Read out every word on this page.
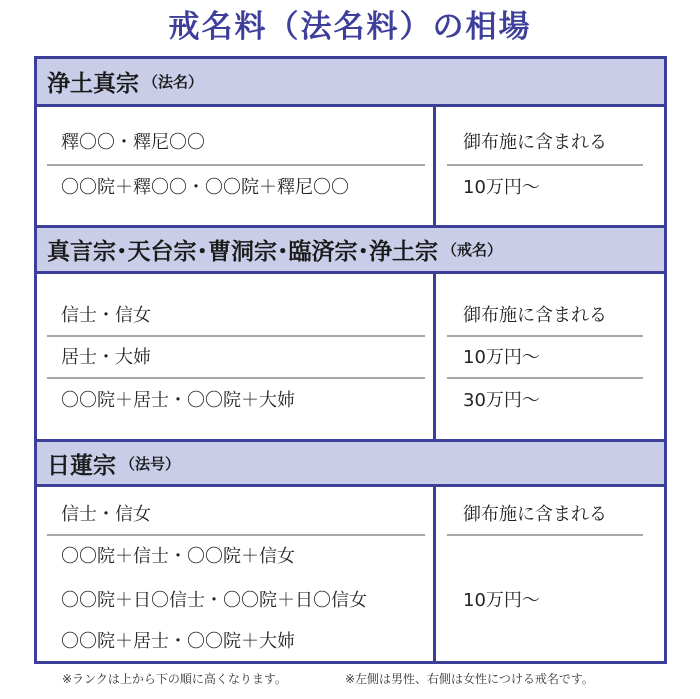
戒名料（法名料）の相場
浄土真宗 （法名）
釋〇〇・釋尼〇〇	御布施に含まれる
〇〇院＋釋〇〇・〇〇院＋釋尼〇〇	10万円～
真言宗･天台宗･曹洞宗･臨済宗･浄土宗 （戒名）
信士・信女	御布施に含まれる
居士・大姉	10万円～
〇〇院＋居士・〇〇院＋大姉	30万円～
日蓮宗 （法号）
信士・信女	御布施に含まれる
〇〇院＋信士・〇〇院＋信女
〇〇院＋日〇信士・〇〇院＋日〇信女	10万円～
〇〇院＋居士・〇〇院＋大姉
※ランクは上から下の順に高くなります。	※左側は男性、右側は女性につける戒名です。
